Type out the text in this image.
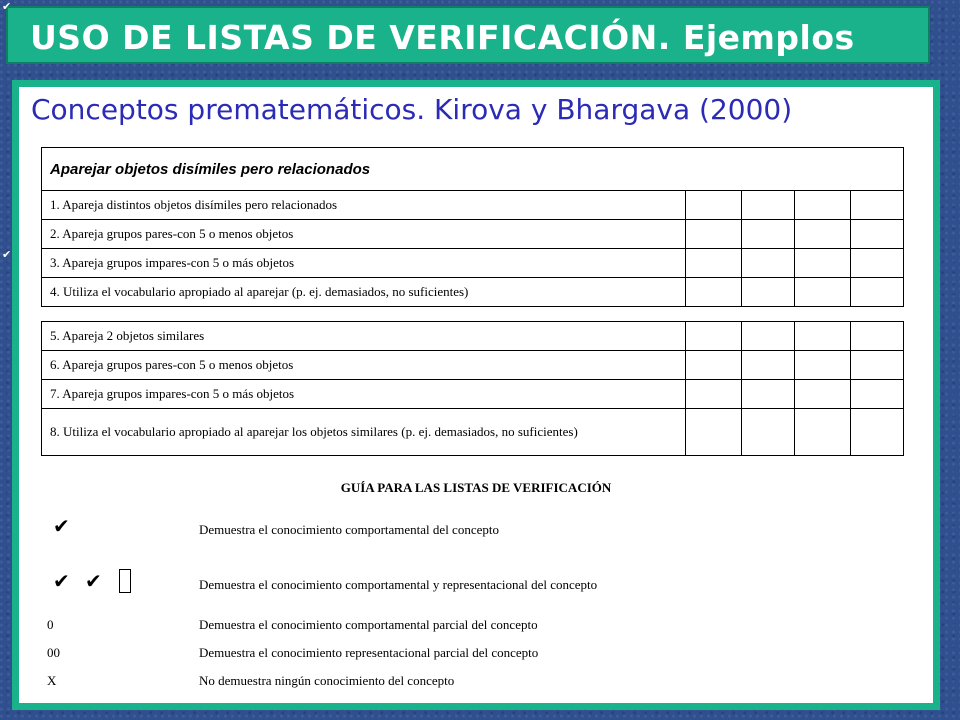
USO DE LISTAS DE VERIFICACIÓN. Ejemplos
✔
✔
Conceptos prematemáticos. Kirova y Bhargava (2000)
Aparejar objetos disímiles pero relacionados				
1. Apareja distintos objetos disímiles pero relacionados				
2. Apareja grupos pares-con 5 o menos objetos				
3. Apareja grupos impares-con 5 o más objetos				
4. Utiliza el vocabulario apropiado al aparejar (p. ej. demasiados, no suficientes)				
5. Apareja 2 objetos similares				
6. Apareja grupos pares-con 5 o menos objetos				
7. Apareja grupos impares-con 5 o más objetos				
8. Utiliza el vocabulario apropiado al aparejar los objetos similares (p. ej. demasiados, no suficientes)				
GUÍA PARA LAS LISTAS DE VERIFICACIÓN
✔	Demuestra el conocimiento comportamental del concepto
✔ ✔	Demuestra el conocimiento comportamental y representacional del concepto
0	Demuestra el conocimiento comportamental parcial del concepto
00	Demuestra el conocimiento representacional parcial del concepto
X	No demuestra ningún conocimiento del concepto
